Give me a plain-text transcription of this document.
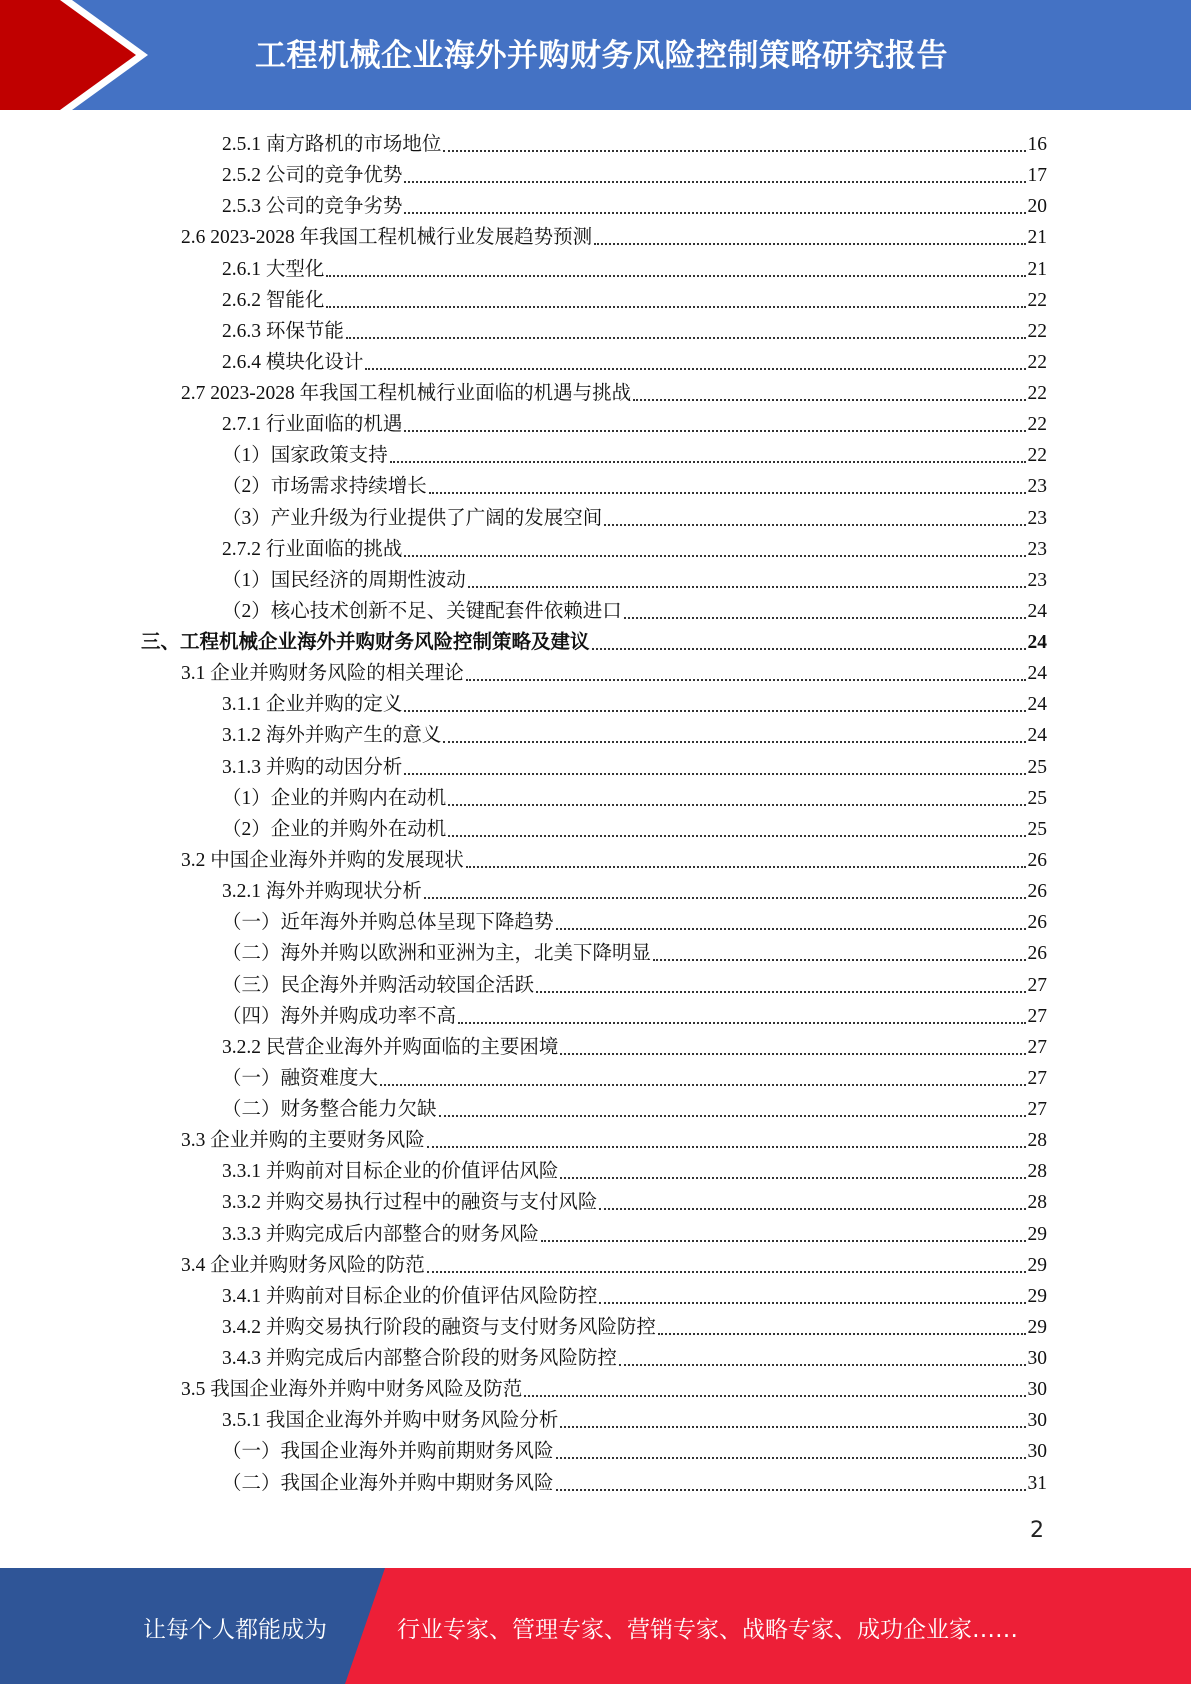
工程机械企业海外并购财务风险控制策略研究报告
2.5.1 南方路机的市场地位	16
2.5.2 公司的竞争优势	17
2.5.3 公司的竞争劣势	20
2.6 2023-2028 年我国工程机械行业发展趋势预测	21
2.6.1 大型化	21
2.6.2 智能化	22
2.6.3 环保节能	22
2.6.4 模块化设计	22
2.7 2023-2028 年我国工程机械行业面临的机遇与挑战	22
2.7.1 行业面临的机遇	22
（1）国家政策支持	22
（2）市场需求持续增长	23
（3）产业升级为行业提供了广阔的发展空间	23
2.7.2 行业面临的挑战	23
（1）国民经济的周期性波动	23
（2）核心技术创新不足、关键配套件依赖进口	24
三、工程机械企业海外并购财务风险控制策略及建议	24
3.1 企业并购财务风险的相关理论	24
3.1.1 企业并购的定义	24
3.1.2 海外并购产生的意义	24
3.1.3 并购的动因分析	25
（1）企业的并购内在动机	25
（2）企业的并购外在动机	25
3.2 中国企业海外并购的发展现状	26
3.2.1 海外并购现状分析	26
（一）近年海外并购总体呈现下降趋势	26
（二）海外并购以欧洲和亚洲为主，北美下降明显	26
（三）民企海外并购活动较国企活跃	27
（四）海外并购成功率不高	27
3.2.2 民营企业海外并购面临的主要困境	27
（一）融资难度大	27
（二）财务整合能力欠缺	27
3.3 企业并购的主要财务风险	28
3.3.1 并购前对目标企业的价值评估风险	28
3.3.2 并购交易执行过程中的融资与支付风险	28
3.3.3 并购完成后内部整合的财务风险	29
3.4 企业并购财务风险的防范	29
3.4.1 并购前对目标企业的价值评估风险防控	29
3.4.2 并购交易执行阶段的融资与支付财务风险防控	29
3.4.3 并购完成后内部整合阶段的财务风险防控	30
3.5 我国企业海外并购中财务风险及防范	30
3.5.1 我国企业海外并购中财务风险分析	30
（一）我国企业海外并购前期财务风险	30
（二）我国企业海外并购中期财务风险	31
2
让每个人都能成为	行业专家、管理专家、营销专家、战略专家、成功企业家……
